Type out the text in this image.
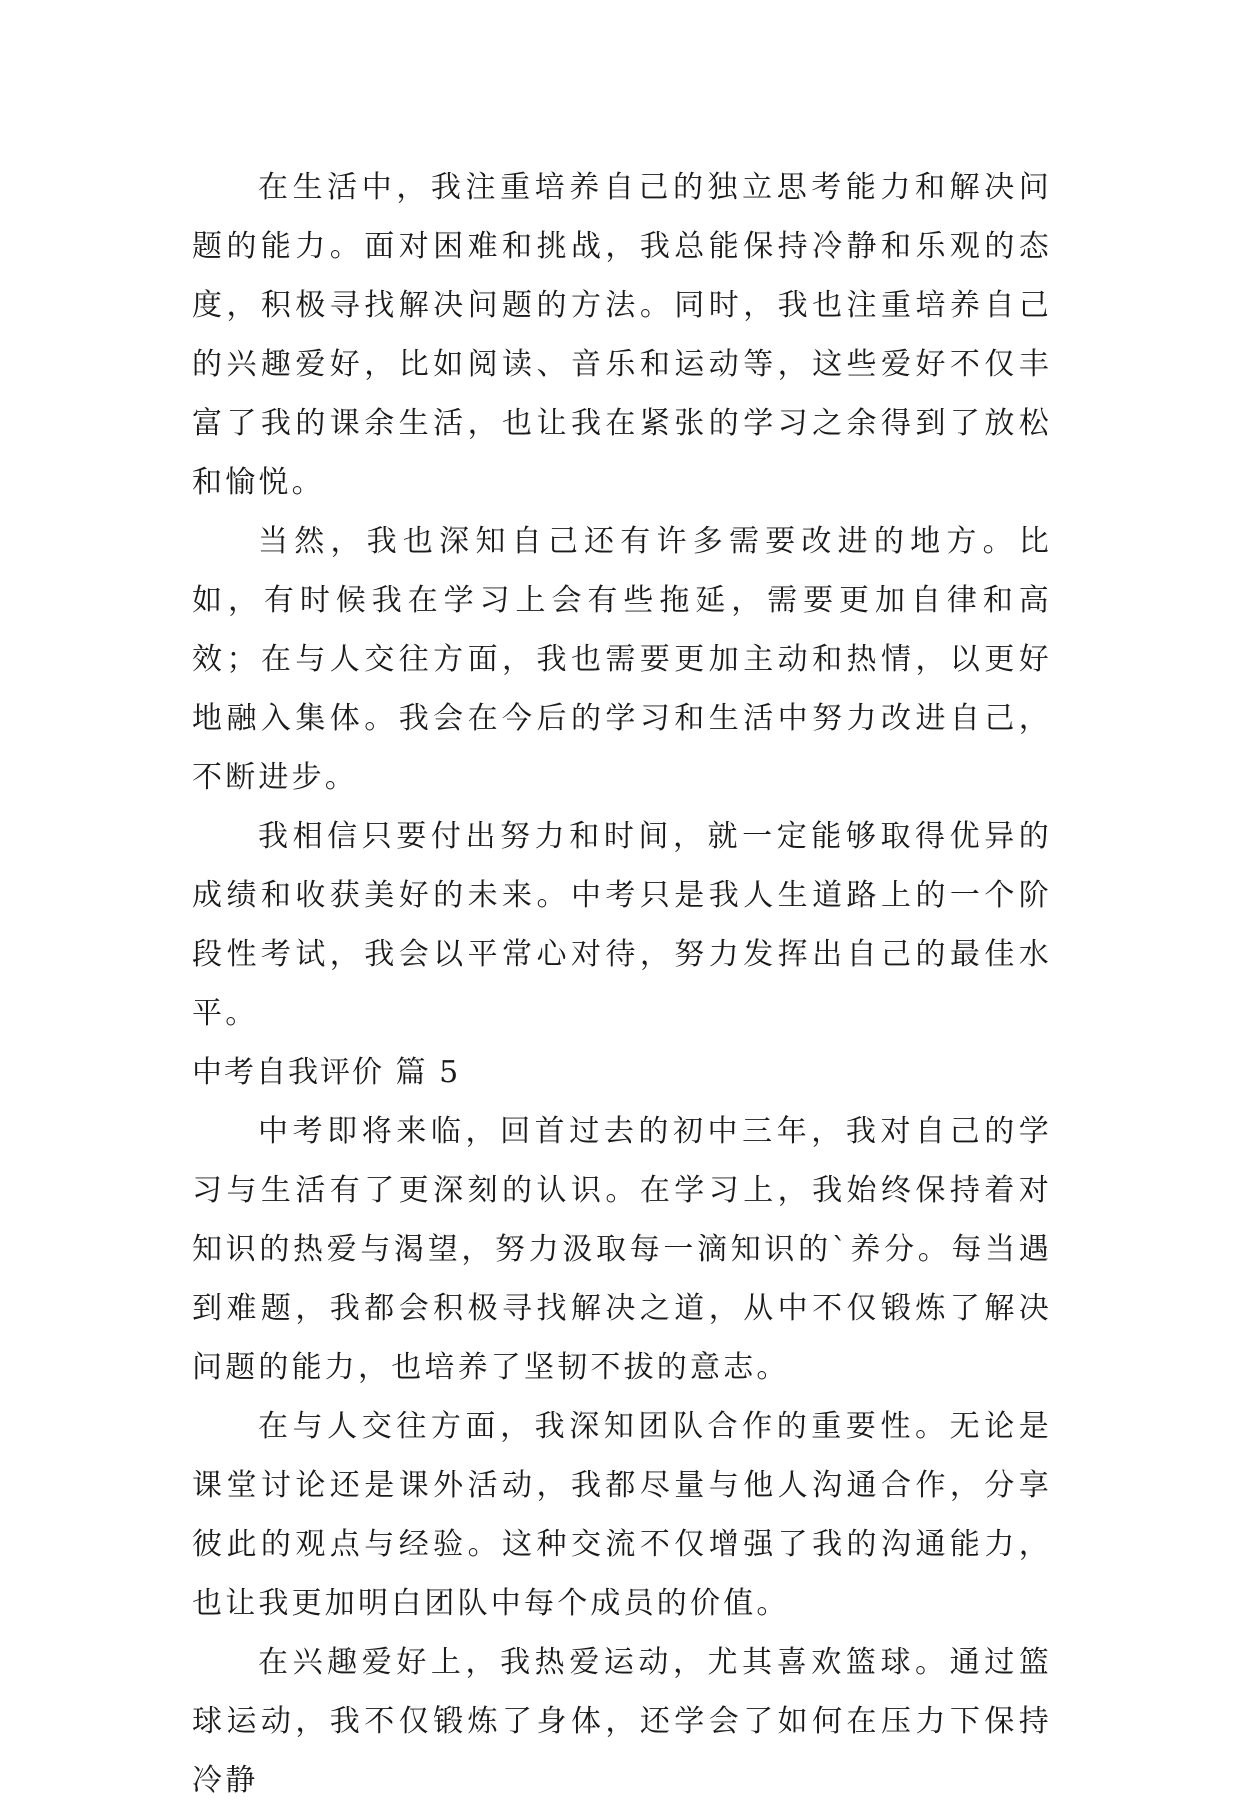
在生活中，我注重培养自己的独立思考能力和解决问题的能力。面对困难和挑战，我总能保持冷静和乐观的态度，积极寻找解决问题的方法。同时，我也注重培养自己的兴趣爱好，比如阅读、音乐和运动等，这些爱好不仅丰富了我的课余生活，也让我在紧张的学习之余得到了放松和愉悦。

当然，我也深知自己还有许多需要改进的地方。比如，有时候我在学习上会有些拖延，需要更加自律和高效；在与人交往方面，我也需要更加主动和热情，以更好地融入集体。我会在今后的学习和生活中努力改进自己，不断进步。

我相信只要付出努力和时间，就一定能够取得优异的成绩和收获美好的未来。中考只是我人生道路上的一个阶段性考试，我会以平常心对待，努力发挥出自己的最佳水平。

中考自我评价 篇 5

中考即将来临，回首过去的初中三年，我对自己的学习与生活有了更深刻的认识。在学习上，我始终保持着对知识的热爱与渴望，努力汲取每一滴知识的`养分。每当遇到难题，我都会积极寻找解决之道，从中不仅锻炼了解决问题的能力，也培养了坚韧不拔的意志。

在与人交往方面，我深知团队合作的重要性。无论是课堂讨论还是课外活动，我都尽量与他人沟通合作，分享彼此的观点与经验。这种交流不仅增强了我的沟通能力，也让我更加明白团队中每个成员的价值。

在兴趣爱好上，我热爱运动，尤其喜欢篮球。通过篮球运动，我不仅锻炼了身体，还学会了如何在压力下保持冷静
